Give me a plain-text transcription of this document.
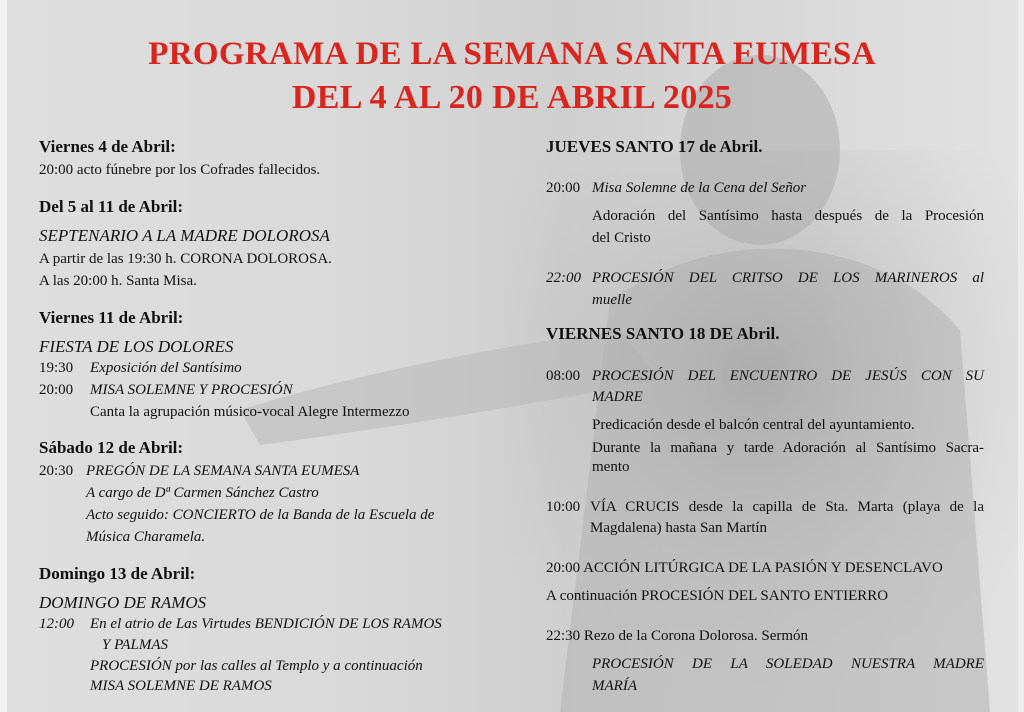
PROGRAMA DE LA SEMANA SANTA EUMESA
DEL 4 AL 20 DE ABRIL 2025
Viernes 4 de Abril:
20:00 acto fúnebre por los Cofrades fallecidos.
Del 5 al 11 de Abril:
SEPTENARIO A LA MADRE DOLOROSA
A partir de las 19:30 h. CORONA DOLOROSA.
A las 20:00 h. Santa Misa.
Viernes 11 de Abril:
FIESTA DE LOS DOLORES
19:30 Exposición del Santísimo
20:00 MISA SOLEMNE Y PROCESIÓN
Canta la agrupación músico-vocal Alegre Intermezzo
Sábado 12 de Abril:
20:30 PREGÓN DE LA SEMANA SANTA EUMESA
A cargo de Dª Carmen Sánchez Castro
Acto seguido: CONCIERTO de la Banda de la Escuela de
Música Charamela.
Domingo 13 de Abril:
DOMINGO DE RAMOS
12:00 En el atrio de Las Virtudes BENDICIÓN DE LOS RAMOS
Y PALMAS
PROCESIÓN por las calles al Templo y a continuación
MISA SOLEMNE DE RAMOS
JUEVES SANTO 17 de Abril.
20:00 Misa Solemne de la Cena del Señor
Adoración del Santísimo hasta después de la Procesión
del Cristo
22:00 PROCESIÓN DEL CRITSO DE LOS MARINEROS al
muelle
VIERNES SANTO 18 DE Abril.
08:00 PROCESIÓN DEL ENCUENTRO DE JESÚS CON SU
MADRE
Predicación desde el balcón central del ayuntamiento.
Durante la mañana y tarde Adoración al Santísimo Sacra-
mento
10:00 VÍA CRUCIS desde la capilla de Sta. Marta (playa de la
Magdalena) hasta San Martín
20:00 ACCIÓN LITÚRGICA DE LA PASIÓN Y DESENCLAVO
A continuación PROCESIÓN DEL SANTO ENTIERRO
22:30 Rezo de la Corona Dolorosa. Sermón
PROCESIÓN DE LA SOLEDAD NUESTRA MADRE
MARÍA
